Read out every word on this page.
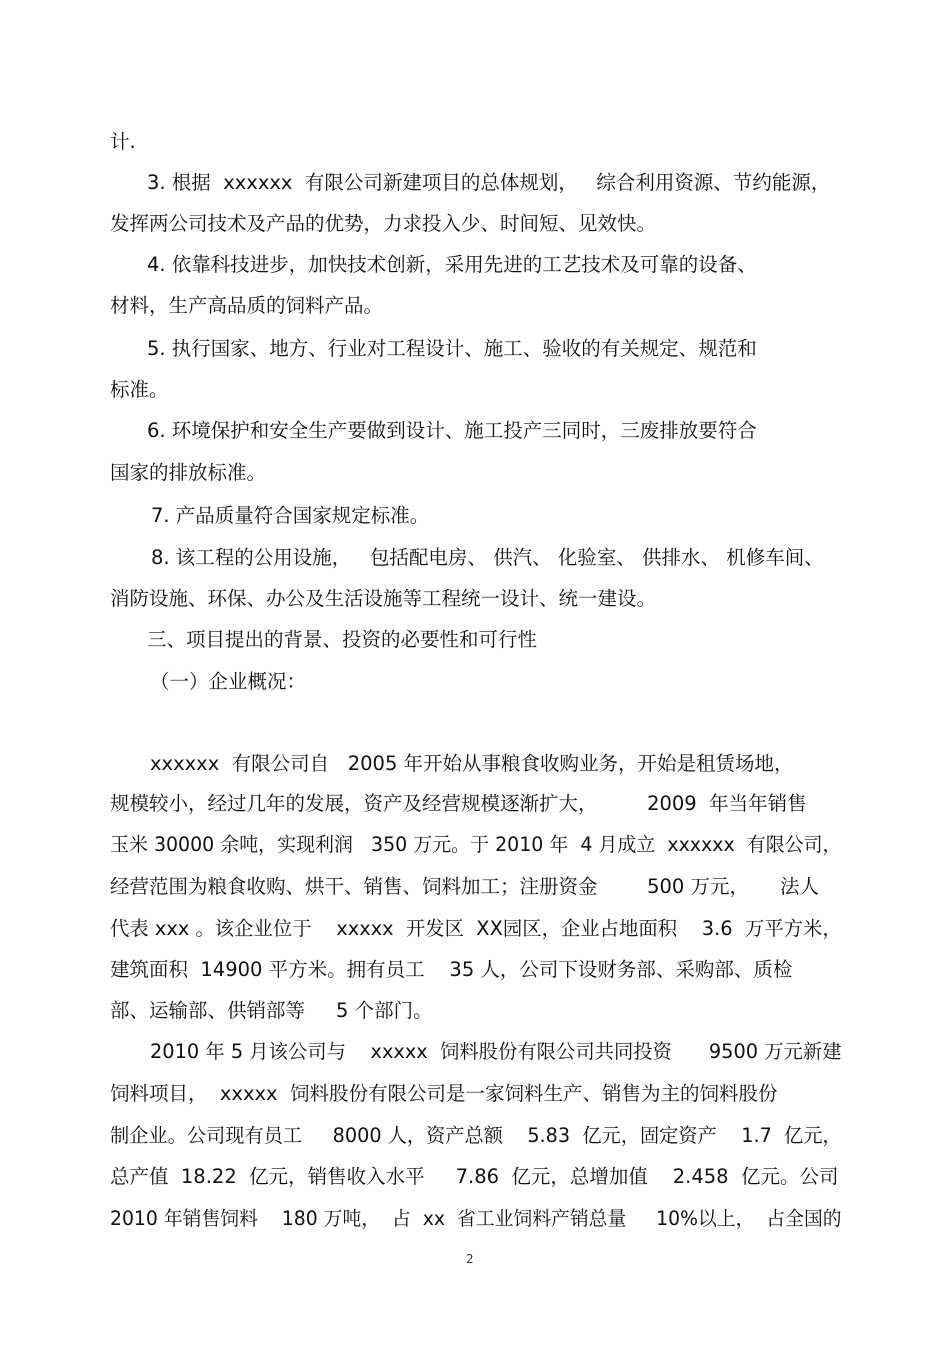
计.
3. 根据  xxxxxx  有限公司新建项目的总体规划，   综合利用资源、节约能源，
发挥两公司技术及产品的优势，力求投入少、时间短、见效快。
4. 依靠科技进步，加快技术创新，采用先进的工艺技术及可靠的设备、
材料，生产高品质的饲料产品。
5. 执行国家、地方、行业对工程设计、施工、验收的有关规定、规范和
标准。
6. 环境保护和安全生产要做到设计、施工投产三同时，三废排放要符合
国家的排放标准。
7. 产品质量符合国家规定标准。
8. 该工程的公用设施，   包括配电房、 供汽、 化验室、 供排水、 机修车间、
消防设施、环保、办公及生活设施等工程统一设计、统一建设。
三、项目提出的背景、投资的必要性和可行性
（一）企业概况：
xxxxxx  有限公司自   2005 年开始从事粮食收购业务，开始是租赁场地，
规模较小，经过几年的发展，资产及经营规模逐渐扩大，        2009  年当年销售
玉米 30000 余吨，实现利润   350 万元。于 2010 年  4 月成立  xxxxxx  有限公司，
经营范围为粮食收购、烘干、销售、饲料加工；注册资金        500 万元，     法人
代表 xxx 。该企业位于    xxxxx  开发区  XX园区，企业占地面积    3.6  万平方米，
建筑面积  14900 平方米。拥有员工    35 人，公司下设财务部、采购部、质检
部、运输部、供销部等     5 个部门。
2010 年 5 月该公司与    xxxxx  饲料股份有限公司共同投资      9500 万元新建
饲料项目，  xxxxx  饲料股份有限公司是一家饲料生产、销售为主的饲料股份
制企业。公司现有员工     8000 人，资产总额    5.83  亿元，固定资产    1.7  亿元，
总产值  18.22  亿元，销售收入水平     7.86  亿元，总增加值    2.458  亿元。公司
2010 年销售饲料    180 万吨，  占  xx  省工业饲料产销总量     10%以上，  占全国的
2
